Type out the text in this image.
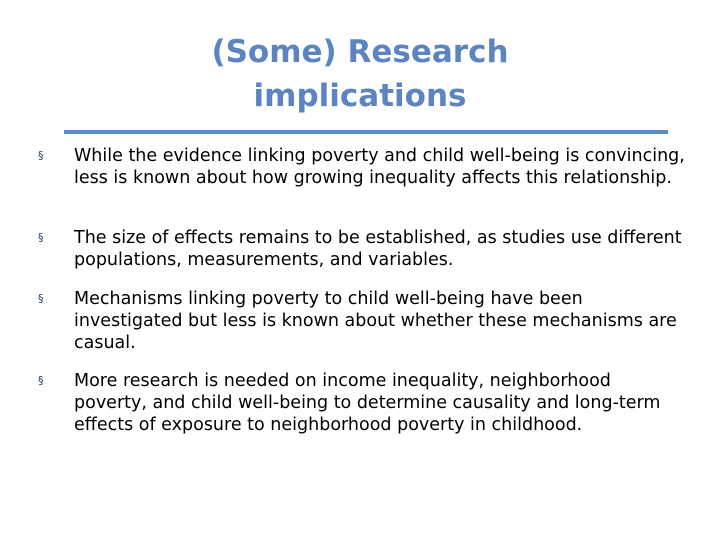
(Some) Research
implications
§	While the evidence linking poverty and child well-being is convincing, less is known about how growing inequality affects this relationship.
§	The size of effects remains to be established, as studies use different populations, measurements, and variables.
§	Mechanisms linking poverty to child well-being have been investigated but less is known about whether these mechanisms are casual.
§	More research is needed on income inequality, neighborhood poverty, and child well-being to determine causality and long-term effects of exposure to neighborhood poverty in childhood.
